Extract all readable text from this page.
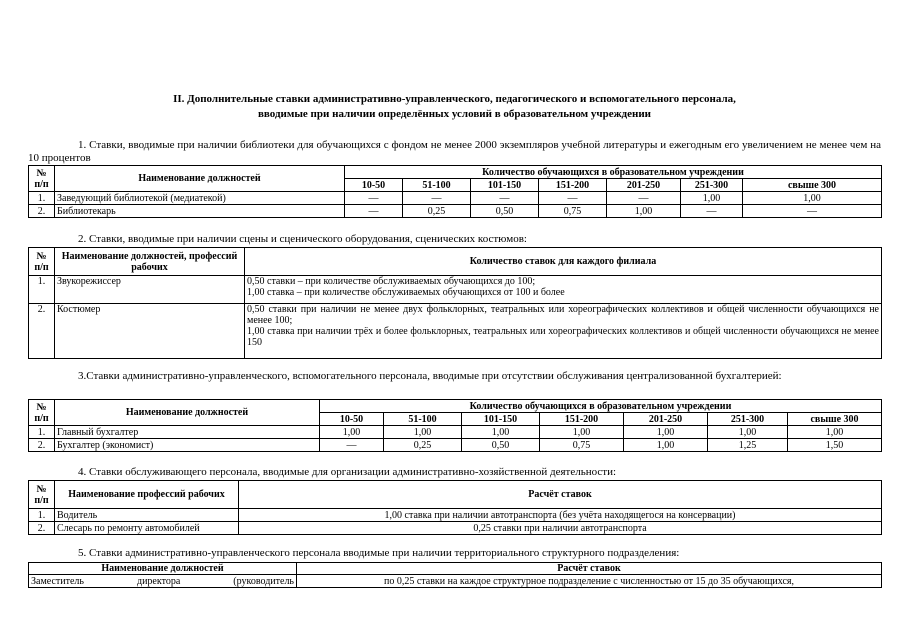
II. Дополнительные ставки административно-управленческого, педагогического и вспомогательного персонала,
вводимые при наличии определённых условий в образовательном учреждении
1. Ставки, вводимые при наличии библиотеки для обучающихся с фондом не менее 2000 экземпляров учебной литературы и ежегодным его увеличением не менее чем на 10 процентов
№ п/п	Наименование должностей	Количество обучающихся в образовательном учреждении						
		10-50	51-100	101-150	151-200	201-250	251-300	свыше 300
1.	Заведующий библиотекой (медиатекой)	—	—	—	—	—	1,00	1,00
2.	Библиотекарь	—	0,25	0,50	0,75	1,00	—	—
2. Ставки, вводимые при наличии сцены и сценического оборудования, сценических костюмов:
№ п/п	Наименование должностей, профессий рабочих	Количество ставок для каждого филиала
1.	Звукорежиссер	0,50 ставки – при количестве обслуживаемых обучающихся до 100;
1,00 ставка – при количестве обслуживаемых обучающихся от 100 и более

2.	Костюмер	0,50 ставки при наличии не менее двух фольклорных, театральных или хореографических коллективов и общей численности обучающихся не менее 100;
1,00 ставка при наличии трёх и более фольклорных, театральных или хореографических коллективов и общей численности обучающихся не менее 150
3.Ставки административно-управленческого, вспомогательного персонала, вводимые при отсутствии обслуживания централизованной бухгалтерией:
№ п/п	Наименование должностей	Количество обучающихся в образовательном учреждении						
		10-50	51-100	101-150	151-200	201-250	251-300	свыше 300
1.	Главный бухгалтер	1,00	1,00	1,00	1,00	1,00	1,00	1,00
2.	Бухгалтер (экономист)	—	0,25	0,50	0,75	1,00	1,25	1,50
4. Ставки обслуживающего персонала, вводимые для организации административно-хозяйственной деятельности:
№ п/п	Наименование профессий рабочих	Расчёт ставок
1.	Водитель	1,00 ставка при наличии автотранспорта (без учёта находящегося на консервации)
2.	Слесарь по ремонту автомобилей	0,25 ставки при наличии автотранспорта
5. Ставки административно-управленческого персонала вводимые при наличии территориального структурного подразделения:
Наименование должностей	Расчёт ставок
Заместитель директора (руководитель	по 0,25 ставки на каждое структурное подразделение с численностью от 15 до 35 обучающихся,
